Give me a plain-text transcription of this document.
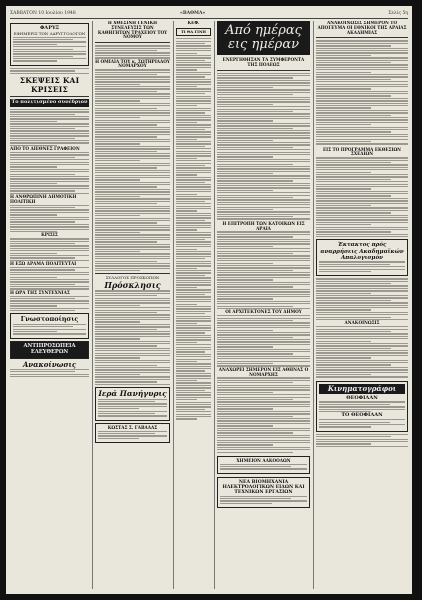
ΣΑΒΒΑΤΟΝ 10 Ιουλίου 1948	«ΒΑΘΜΑ»	Σελίς 5η
ΦΑΡΥΞ
ΕΦΗΜΕΡΙΣ ΤΩΝ ΛΑΡΥΓΓΟΛΟΓΩΝ
ΣΚΕΨΕΙΣ ΚΑΙ ΚΡΙΣΕΙΣ
Το πολιτισμένο συνέδριον
ΑΠΟ ΤΟ ΔΙΕΘΝΕΣ ΓΡΑΦΕΙΟΝ
Η ΑΝΘΡΩΠΙΝΗ ΔΗΜΟΤΙΚΗ ΠΟΛΙΤΙΚΗ
ΚΡΙΣΙΣ
Η ΕΞΩ ΔΡΑΜΑ ΠΟΛΙΤΕΥΤΑΙ
Η ΩΡΑ ΤΗΣ ΣΥΝΤΕΧΝΙΑΣ
Γνωστοποίησις
ΑΝΤΙΠΡΟΣΩΠΕΙΑ ΕΛΕΥΘΕΡΩΝ
Ανακοίνωσις
Η ΧΘΕΣΙΝΗ ΓΕΝΙΚΗ ΣΥΝΕΛΕΥΣΙΣ ΤΩΝ ΚΑΘΗΓΗΤΩΝ ΤΡΑΧΕΙΟΥ ΤΟΥ ΝΟΜΟΥ
Η ΟΜΙΛΙΑ ΤΟΥ κ. ΣΩΤΗΡΙΑΔΟΥ ΝΟΜΑΡΧΟΥ
ΣΥΛΛΟΓΟΣ ΠΡΟΣΚΟΠΩΝ
Πρόσκλησις
Ιερά Πανήγυρις
ΚΩΣΤΑΣ Σ. ΓΑΒΑΛΑΣ
ΚΕΦ.
ΤΙ ΘΑ ΓΙΝΗ	Από ημέρας εις ημέραν
ΕΝΕΡΓΗΘΗΣΑΝ ΤΑ ΣΥΜΦΕΡΟΝΤΑ ΤΗΣ ΠΟΛΕΩΣ
Η ΕΠΙΤΡΟΠΗ ΤΩΝ ΚΑΤΟΙΚΩΝ ΕΙΣ ΑΡΑΙΑ
ΟΙ ΑΡΧΙΤΕΚΤΟΝΕΣ ΤΟΥ ΔΗΜΟΥ
ΑΝΑΧΩΡΕΙ ΣΗΜΕΡΟΝ ΕΙΣ ΑΘΗΝΑΣ Ο ΝΟΜΑΡΧΗΣ
ΧΗΜΕΙΟΝ ΑΛΚΟΟΛΩΝ
ΝΕΑ ΒΙΟΜΗΧΑΝΙΑ ΗΛΕΚΤΡΟΛΟΓΙΚΩΝ ΕΙΔΩΝ ΚΑΙ ΤΕΧΝΙΚΩΝ ΕΡΓΑΣΙΩΝ
ΑΝΑΚΟΙΝΩΣΙΣ ΣΗΜΕΡΟΝ ΤΟ ΑΠΟΓΕΥΜΑ ΟΙ ΕΘΝΙΚΟΙ ΤΗΣ ΑΡΑΙΑΣ ΑΚΑΔΗΜΙΑΣ
ΕΙΣ ΤΟ ΠΡΟΓΡΑΜΜΑ ΕΚΘΕΣΙΩΝ ΣΧΕΔΙΩΝ
Έκτακτος πρός αναρρήσεις Ακαδημαϊκών Απαλογισμόν
ΑΝΑΚΟΙΝΩΣΙΣ
Κινηματογράφοι
ΘΕΟΦΙΛΑΝ
ΤΟ ΘΕΟΦΙΛΑΝ
